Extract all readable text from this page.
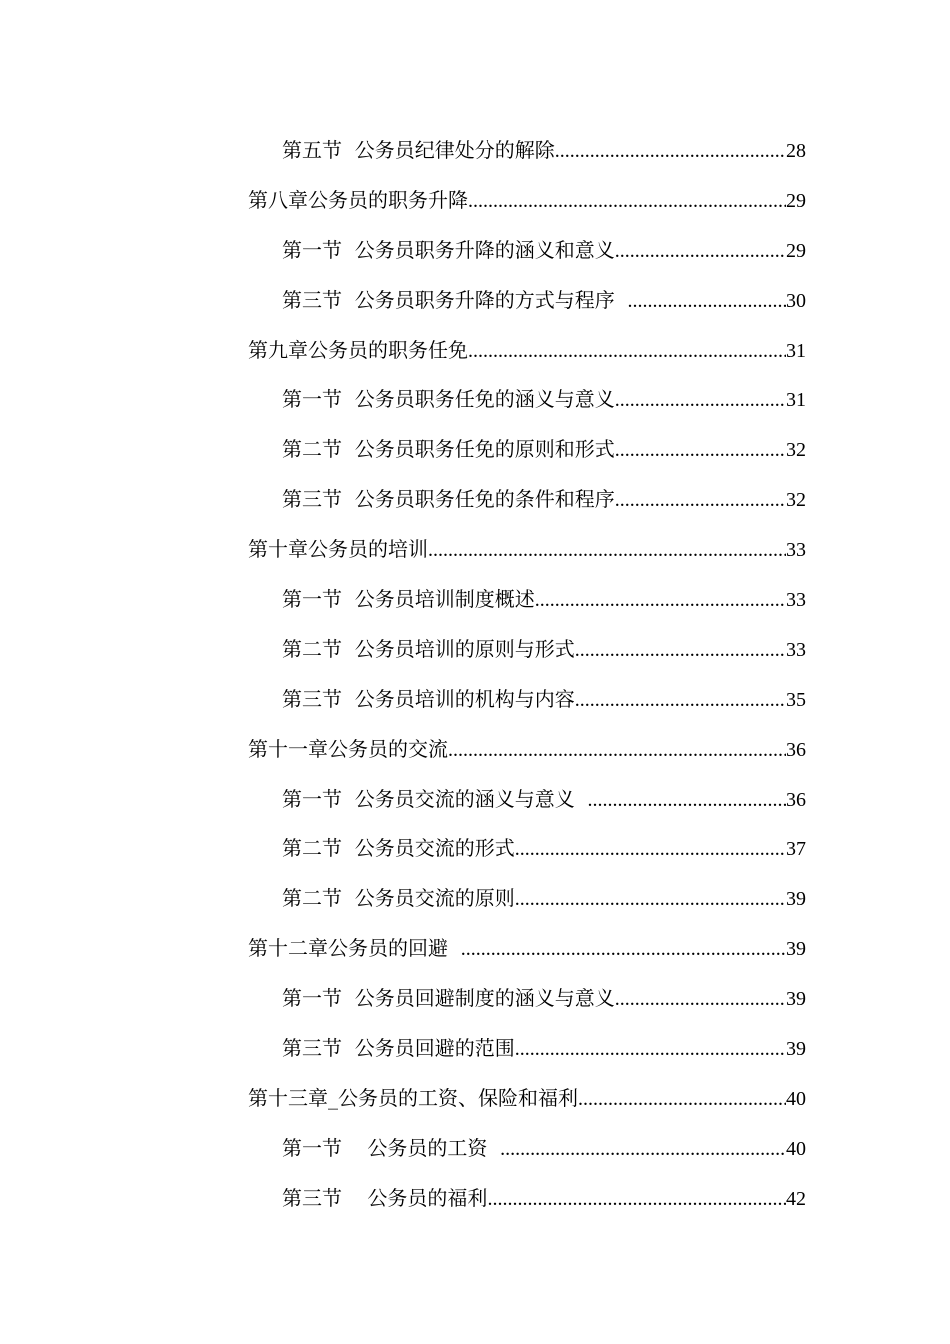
第五节  公务员纪律处分的解除 .....	28
第八章公务员的职务升降 .....	29
第一节  公务员职务升降的涵义和意义 .....	29
第三节  公务员职务升降的方式与程序 .....	30
第九章公务员的职务任免 .....	31
第一节  公务员职务任免的涵义与意义 .....	31
第二节  公务员职务任免的原则和形式 .....	32
第三节  公务员职务任免的条件和程序 .....	32
第十章公务员的培训 .....	33
第一节  公务员培训制度概述 .....	33
第二节  公务员培训的原则与形式 .....	33
第三节  公务员培训的机构与内容 .....	35
第十一章公务员的交流 .....	36
第一节  公务员交流的涵义与意义 .....	36
第二节  公务员交流的形式 .....	37
第二节  公务员交流的原则 .....	39
第十二章公务员的回避 .....	39
第一节  公务员回避制度的涵义与意义 .....	39
第三节  公务员回避的范围 .....	39
第十三章_公务员的工资、保险和福利 .....	40
第一节    公务员的工资 .....	40
第三节    公务员的福利 .....	42
